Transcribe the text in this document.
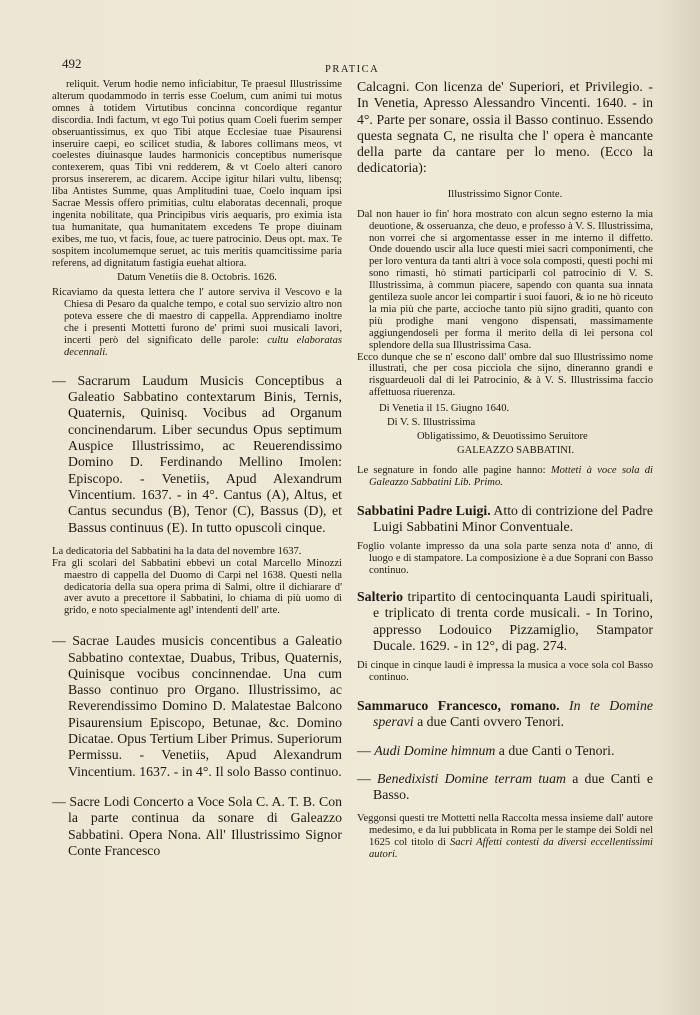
492	PRATICA

reliquit. Verum hodie nemo inficiabitur, Te praesul Illustrissime alterum quodammodo in terris esse Coelum, cum animi tui motus omnes à totidem Virtutibus concinna concordique regantur discordia. Indi factum, vt ego Tui potius quam Coeli fuerim semper obseruantissimus, ex quo Tibi atque Ecclesiae tuae Pisaurensi inseruire caepi, eo scilicet studia, & labores collimans meos, vt coelestes diuinasque laudes harmonicis conceptibus numerisque contexerem, quas Tibi vni redderem, & vt Coelo alteri canoro prorsus insererem, ac dicarem. Accipe igitur hilari vultu, libensq; liba Antistes Summe, quas Amplitudini tuae, Coelo inquam ipsi Sacrae Messis offero primitias, cultu elaboratas decennali, proque ingenita nobilitate, qua Principibus viris aequaris, pro eximia ista tua humanitate, qua humanitatem excedens Te prope diuinam exibes, me tuo, vt facis, foue, ac tuere patrocinio. Deus opt. max. Te sospitem incolumemque seruet, ac tuis meritis quamcitissime paria referens, ad dignitatum fastigia euehat altiora.

Datum Venetiis die 8. Octobris. 1626.

Ricaviamo da questa lettera che l' autore serviva il Vescovo e la Chiesa di Pesaro da qualche tempo, e cotal suo servizio altro non poteva essere che di maestro di cappella. Apprendiamo inoltre che i presenti Mottetti furono de' primi suoi musicali lavori, incerti però del significato delle parole: cultu elaboratas decennali.

— Sacrarum Laudum Musicis Conceptibus a Galeatio Sabbatino contextarum Binis, Ternis, Quaternis, Quinisq. Vocibus ad Organum concinendarum. Liber secundus Opus septimum Auspice Illustrissimo, ac Reuerendissimo Domino D. Ferdinando Mellino Imolen: Episcopo. - Venetiis, Apud Alexandrum Vincentium. 1637. - in 4°. Cantus (A), Altus, et Cantus secundus (B), Tenor (C), Bassus (D), et Bassus continuus (E). In tutto opuscoli cinque.

La dedicatoria del Sabbatini ha la data del novembre 1637.

Fra gli scolari del Sabbatini ebbevi un cotal Marcello Minozzi maestro di cappella del Duomo di Carpi nel 1638. Questi nella dedicatoria della sua opera prima di Salmi, oltre il dichiarare d' aver avuto a precettore il Sabbatini, lo chiama di più uomo di grido, e noto specialmente agl' intendenti dell' arte.

— Sacrae Laudes musicis concentibus a Galeatio Sabbatino contextae, Duabus, Tribus, Quaternis, Quinisque vocibus concinnendae. Una cum Basso continuo pro Organo. Illustrissimo, ac Reverendissimo Domino D. Malatestae Balcono Pisaurensium Episcopo, Betunae, &c. Domino Dicatae. Opus Tertium Liber Primus. Superiorum Permissu. - Venetiis, Apud Alexandrum Vincentium. 1637. - in 4°. Il solo Basso continuo.

— Sacre Lodi Concerto a Voce Sola C. A. T. B. Con la parte continua da sonare di Galeazzo Sabbatini. Opera Nona. All' Illustrissimo Signor Conte Francesco

Calcagni. Con licenza de' Superiori, et Privilegio. - In Venetia, Apresso Alessandro Vincenti. 1640. - in 4°. Parte per sonare, ossia il Basso continuo. Essendo questa segnata C, ne risulta che l' opera è mancante della parte da cantare per lo meno. (Ecco la dedicatoria):

Illustrissimo Signor Conte.

Dal non hauer io fin' hora mostrato con alcun segno esterno la mia deuotione, & osseruanza, che deuo, e professo à V. S. Illustrissima, non vorrei che si argomentasse esser in me interno il diffetto. Onde douendo uscir alla luce questi miei sacri componimenti, che per loro ventura da tanti altri à voce sola composti, questi pochi mi sono rimasti, hò stimati participarli col patrocinio di V. S. Illustrissima, à commun piacere, sapendo con quanta sua innata gentileza suole ancor lei compartir i suoi fauori, & io ne hò riceuto la mia più che parte, accioche tanto più sijno graditi, quanto con più prodighe mani vengono dispensati, massimamente aggiungendoseli per forma il merito della di lei persona col splendore della sua Illustrissima Casa.

Ecco dunque che se n' escono dall' ombre dal suo Illustrissimo nome illustrati, che per cosa picciola che sijno, dineranno grandi e risguardeuoli dal di lei Patrocinio, & à V. S. Illustrissima faccio affettuosa riuerenza.

Di Venetia il 15. Giugno 1640.

Di V. S. Illustrissima

Obligatissimo, & Deuotissimo Seruitore

GALEAZZO SABBATINI.

Le segnature in fondo alle pagine hanno: Motteti à voce sola di Galeazzo Sabbatini Lib. Primo.

Sabbatini Padre Luigi. Atto di contrizione del Padre Luigi Sabbatini Minor Conventuale.

Foglio volante impresso da una sola parte senza nota d' anno, di luogo e di stampatore. La composizione è a due Soprani con Basso continuo.

Salterio tripartito di centocinquanta Laudi spirituali, e triplicato di trenta corde musicali. - In Torino, appresso Lodouico Pizzamiglio, Stampator Ducale. 1629. - in 12°, di pag. 274.

Di cinque in cinque laudi è impressa la musica a voce sola col Basso continuo.

Sammaruco Francesco, romano. In te Domine speravi a due Canti ovvero Tenori.

— Audi Domine himnum a due Canti o Tenori.

— Benedixisti Domine terram tuam a due Canti e Basso.

Veggonsi questi tre Mottetti nella Raccolta messa insieme dall' autore medesimo, e da lui pubblicata in Roma per le stampe dei Soldi nel 1625 col titolo di Sacri Affetti contesti da diversi eccellentissimi autori.
